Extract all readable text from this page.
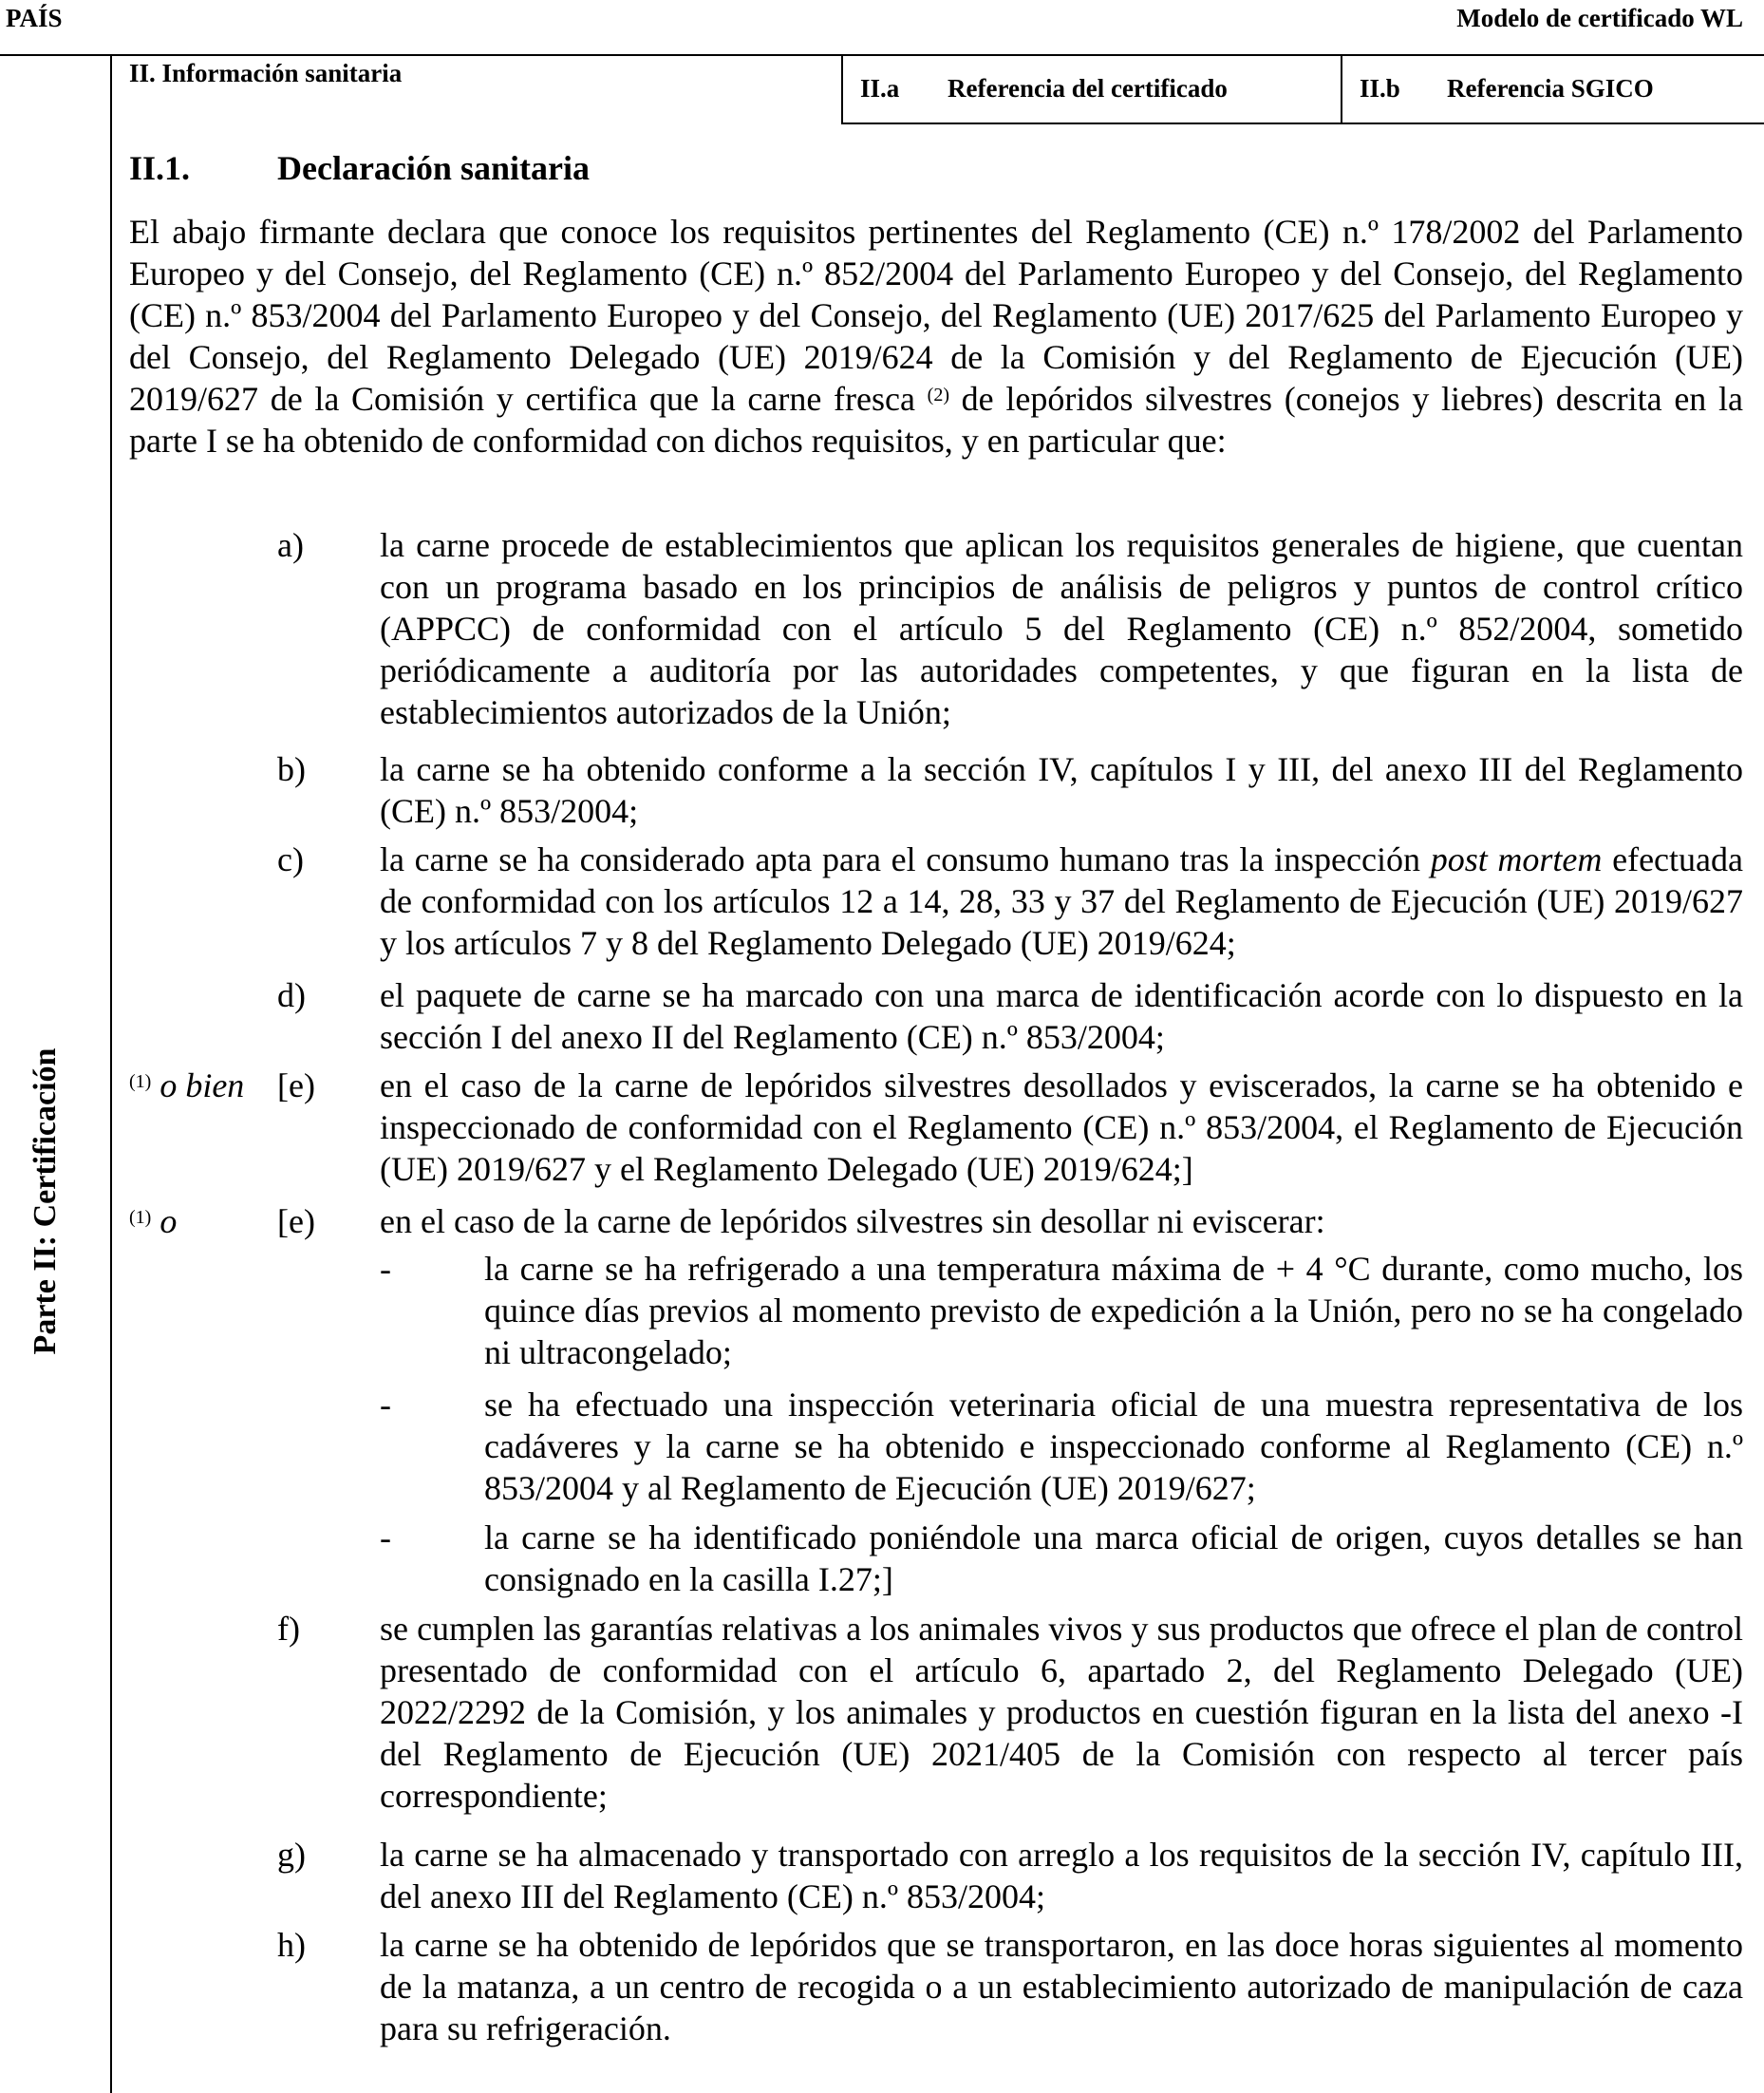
PAÍS	Modelo de certificado WL
Parte II: Certificación
II. Información sanitaria
II.a	Referencia del certificado	II.b	Referencia SGICO
II.1.	Declaración sanitaria
El abajo firmante declara que conoce los requisitos pertinentes del Reglamento (CE) n.º 178/2002 del Parlamento Europeo y del Consejo, del Reglamento (CE) n.º 852/2004 del Parlamento Europeo y del Consejo, del Reglamento (CE) n.º 853/2004 del Parlamento Europeo y del Consejo, del Reglamento (UE) 2017/625 del Parlamento Europeo y del Consejo, del Reglamento Delegado (UE) 2019/624 de la Comisión y del Reglamento de Ejecución (UE) 2019/627 de la Comisión y certifica que la carne fresca $^{(2)}$ de lepóridos silvestres (conejos y liebres) descrita en la parte I se ha obtenido de conformidad con dichos requisitos, y en particular que:
a) la carne procede de establecimientos que aplican los requisitos generales de higiene, que cuentan con un programa basado en los principios de análisis de peligros y puntos de control crítico (APPCC) de conformidad con el artículo 5 del Reglamento (CE) n.º 852/2004, sometido periódicamente a auditoría por las autoridades competentes, y que figuran en la lista de establecimientos autorizados de la Unión;
b) la carne se ha obtenido conforme a la sección IV, capítulos I y III, del anexo III del Reglamento (CE) n.º 853/2004;
c) la carne se ha considerado apta para el consumo humano tras la inspección post mortem efectuada de conformidad con los artículos 12 a 14, 28, 33 y 37 del Reglamento de Ejecución (UE) 2019/627 y los artículos 7 y 8 del Reglamento Delegado (UE) 2019/624;
d) el paquete de carne se ha marcado con una marca de identificación acorde con lo dispuesto en la sección I del anexo II del Reglamento (CE) n.º 853/2004;
$^{(1)}$ o bien [e) en el caso de la carne de lepóridos silvestres desollados y eviscerados, la carne se ha obtenido e inspeccionado de conformidad con el Reglamento (CE) n.º 853/2004, el Reglamento de Ejecución (UE) 2019/627 y el Reglamento Delegado (UE) 2019/624;]
$^{(1)}$ o	[e) en el caso de la carne de lepóridos silvestres sin desollar ni eviscerar:
-	la carne se ha refrigerado a una temperatura máxima de + 4 °C durante, como mucho, los quince días previos al momento previsto de expedición a la Unión, pero no se ha congelado ni ultracongelado;
-	se ha efectuado una inspección veterinaria oficial de una muestra representativa de los cadáveres y la carne se ha obtenido e inspeccionado conforme al Reglamento (CE) n.º 853/2004 y al Reglamento de Ejecución (UE) 2019/627;
-	la carne se ha identificado poniéndole una marca oficial de origen, cuyos detalles se han consignado en la casilla I.27;]
f) se cumplen las garantías relativas a los animales vivos y sus productos que ofrece el plan de control presentado de conformidad con el artículo 6, apartado 2, del Reglamento Delegado (UE) 2022/2292 de la Comisión, y los animales y productos en cuestión figuran en la lista del anexo -I del Reglamento de Ejecución (UE) 2021/405 de la Comisión con respecto al tercer país correspondiente;
g) la carne se ha almacenado y transportado con arreglo a los requisitos de la sección IV, capítulo III, del anexo III del Reglamento (CE) n.º 853/2004;
h) la carne se ha obtenido de lepóridos que se transportaron, en las doce horas siguientes al momento de la matanza, a un centro de recogida o a un establecimiento autorizado de manipulación de caza para su refrigeración.
